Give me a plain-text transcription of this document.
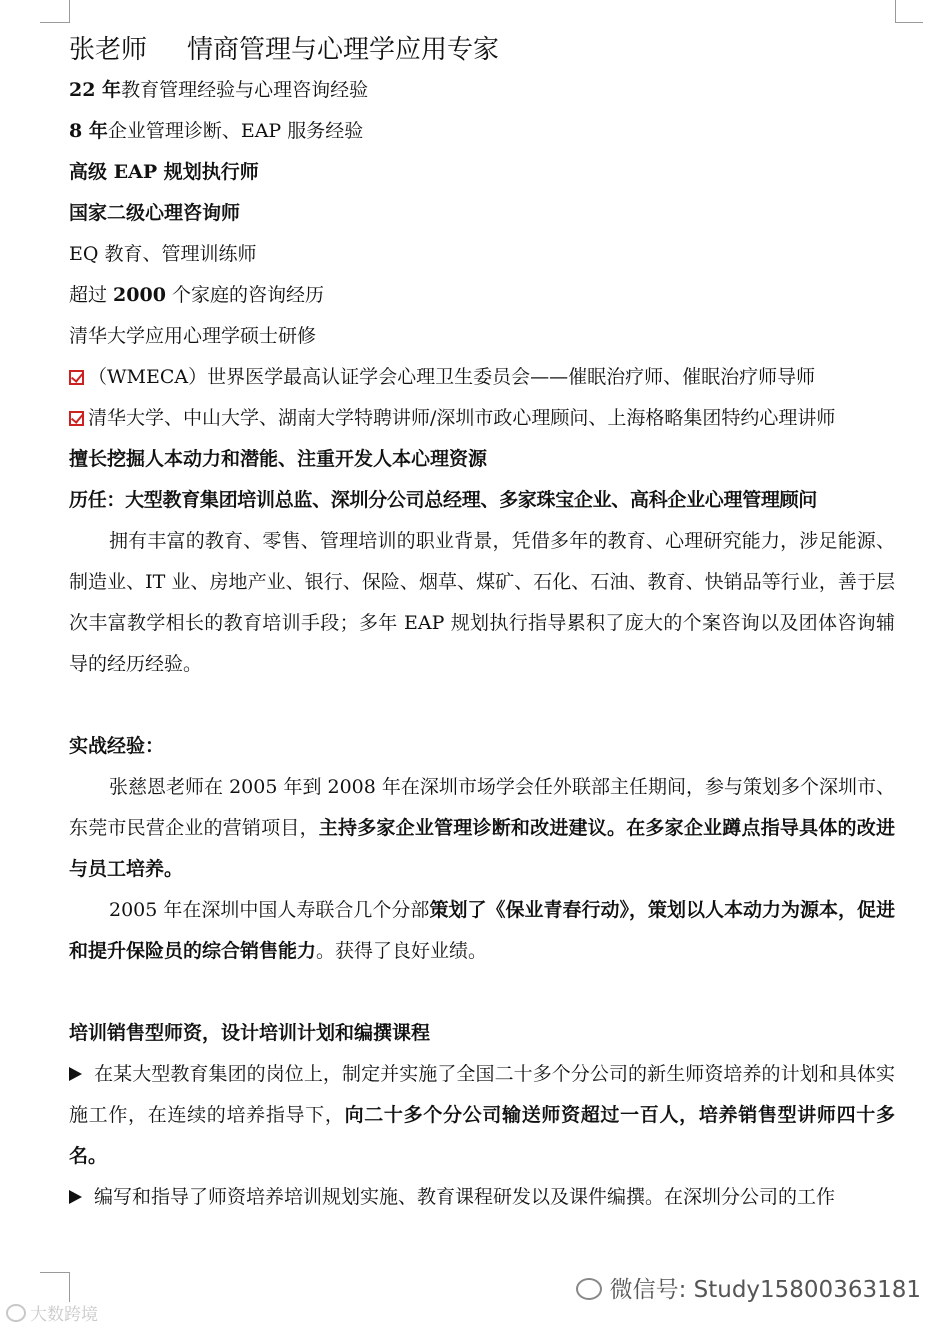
张老师 情商管理与心理学应用专家
22 年教育管理经验与心理咨询经验
8 年企业管理诊断、EAP 服务经验
高级 EAP 规划执行师
国家二级心理咨询师
EQ 教育、管理训练师
超过 2000 个家庭的咨询经历
清华大学应用心理学硕士研修
（WMECA）世界医学最高认证学会心理卫生委员会——催眠治疗师、催眠治疗师导师
清华大学、中山大学、湖南大学特聘讲师/深圳市政心理顾问、上海格略集团特约心理讲师
擅长挖掘人本动力和潜能、注重开发人本心理资源
历任：大型教育集团培训总监、深圳分公司总经理、多家珠宝企业、高科企业心理管理顾问
拥有丰富的教育、零售、管理培训的职业背景，凭借多年的教育、心理研究能力，涉足能源、制造业、IT 业、房地产业、银行、保险、烟草、煤矿、石化、石油、教育、快销品等行业，善于层次丰富教学相长的教育培训手段；多年 EAP 规划执行指导累积了庞大的个案咨询以及团体咨询辅导的经历经验。
实战经验：
张慈恩老师在 2005 年到 2008 年在深圳市场学会任外联部主任期间，参与策划多个深圳市、东莞市民营企业的营销项目，主持多家企业管理诊断和改进建议。在多家企业蹲点指导具体的改进与员工培养。
2005 年在深圳中国人寿联合几个分部策划了《保业青春行动》，策划以人本动力为源本，促进和提升保险员的综合销售能力。获得了良好业绩。
培训销售型师资，设计培训计划和编撰课程
在某大型教育集团的岗位上，制定并实施了全国二十多个分公司的新生师资培养的计划和具体实施工作，在连续的培养指导下，向二十多个分公司输送师资超过一百人，培养销售型讲师四十多名。
编写和指导了师资培养培训规划实施、教育课程研发以及课件编撰。在深圳分公司的工作
大数跨境
微信号: Study15800363181
